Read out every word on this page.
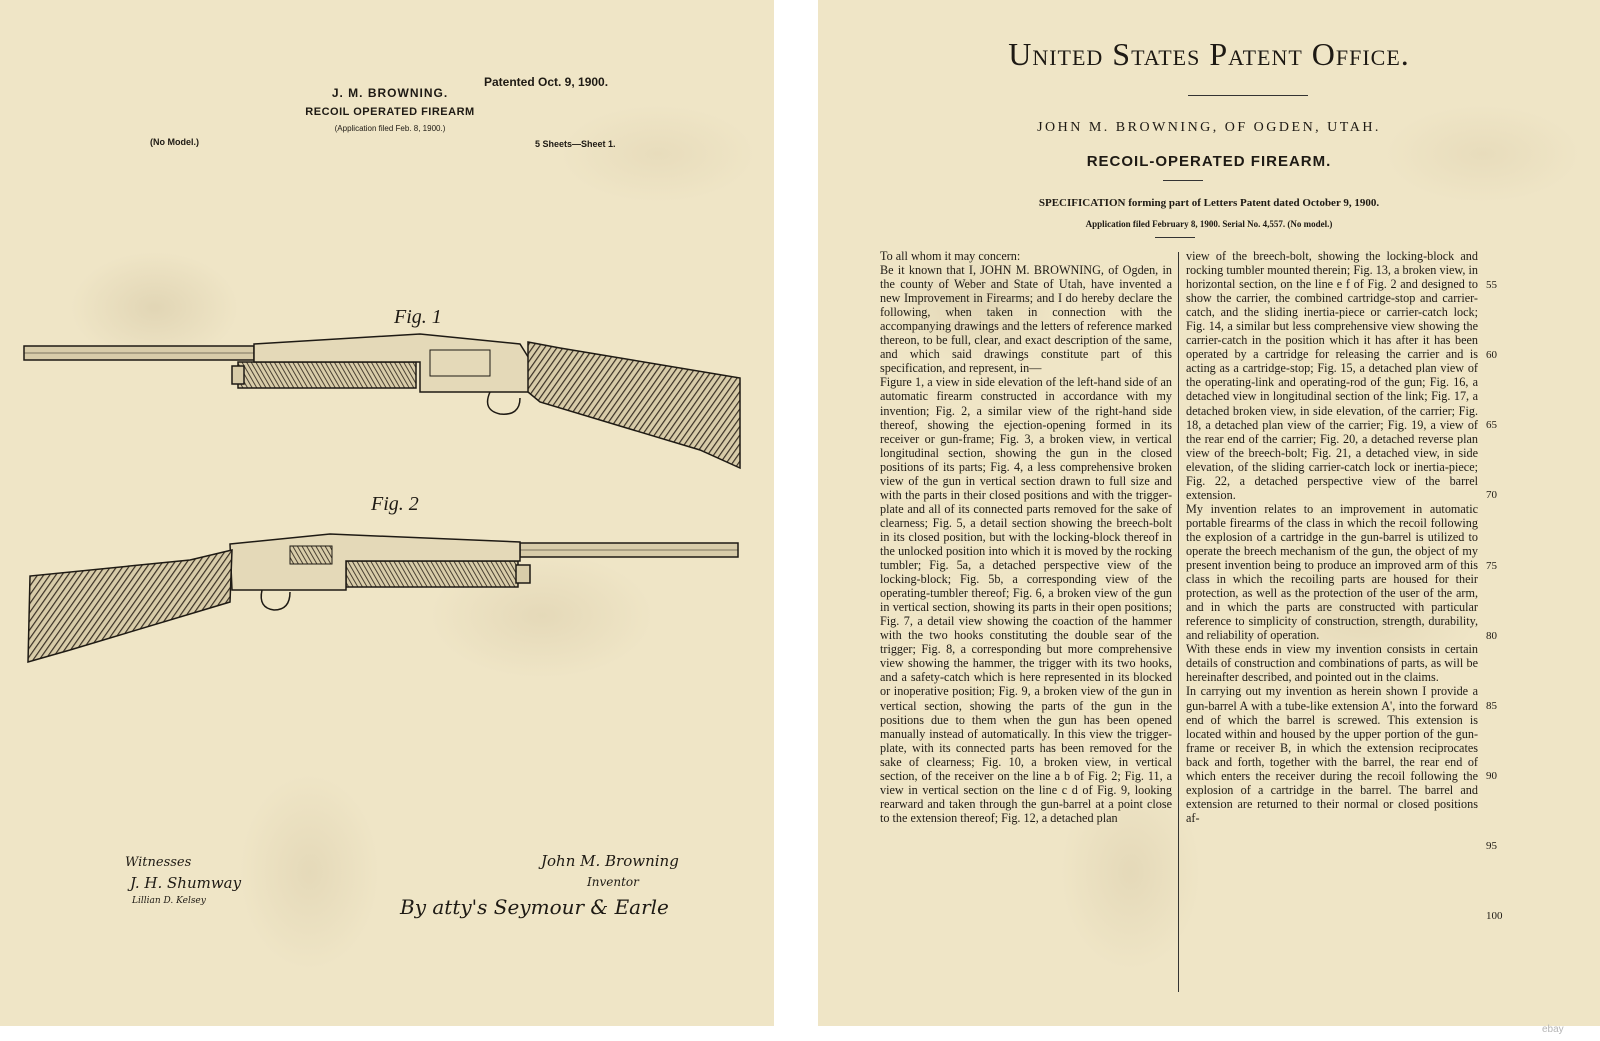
J. M. BROWNING.
RECOIL OPERATED FIREARM
(Application filed Feb. 8, 1900.)
Patented Oct. 9, 1900.
(No Model.)	5 Sheets—Sheet 1.
Fig. 1
Fig. 2
Witnesses
J. H. Shumway
Lillian D. Kelsey
John M. Browning
Inventor
By atty's Seymour & Earle
United States Patent Office.
JOHN M. BROWNING, OF OGDEN, UTAH.
RECOIL-OPERATED FIREARM.
SPECIFICATION forming part of Letters Patent dated October 9, 1900.
Application filed February 8, 1900. Serial No. 4,557. (No model.)
To all whom it may concern:
Be it known that I, JOHN M. BROWNING, of Ogden, in the county of Weber and State of Utah, have invented a new Improvement in Firearms; and I do hereby declare the following, when taken in connection with the accompanying drawings and the letters of reference marked thereon, to be full, clear, and exact description of the same, and which said drawings constitute part of this specification, and represent, in—
Figure 1, a view in side elevation of the left-hand side of an automatic firearm constructed in accordance with my invention; Fig. 2, a similar view of the right-hand side thereof, showing the ejection-opening formed in its receiver or gun-frame; Fig. 3, a broken view, in vertical longitudinal section, showing the gun in the closed positions of its parts; Fig. 4, a less comprehensive broken view of the gun in vertical section drawn to full size and with the parts in their closed positions and with the trigger-plate and all of its connected parts removed for the sake of clearness; Fig. 5, a detail section showing the breech-bolt in its closed position, but with the locking-block thereof in the unlocked position into which it is moved by the rocking tumbler; Fig. 5a, a detached perspective view of the locking-block; Fig. 5b, a corresponding view of the operating-tumbler thereof; Fig. 6, a broken view of the gun in vertical section, showing its parts in their open positions; Fig. 7, a detail view showing the coaction of the hammer with the two hooks constituting the double sear of the trigger; Fig. 8, a corresponding but more comprehensive view showing the hammer, the trigger with its two hooks, and a safety-catch which is here represented in its blocked or inoperative position; Fig. 9, a broken view of the gun in vertical section, showing the parts of the gun in the positions due to them when the gun has been opened manually instead of automatically. In this view the trigger-plate, with its connected parts has been removed for the sake of clearness; Fig. 10, a broken view, in vertical section, of the receiver on the line a b of Fig. 2; Fig. 11, a view in vertical section on the line c d of Fig. 9, looking rearward and taken through the gun-barrel at a point close to the extension thereof; Fig. 12, a detached plan
view of the breech-bolt, showing the locking-block and rocking tumbler mounted therein; Fig. 13, a broken view, in horizontal section, on the line e f of Fig. 2 and designed to show the carrier, the combined cartridge-stop and carrier-catch, and the sliding inertia-piece or carrier-catch lock; Fig. 14, a similar but less comprehensive view showing the carrier-catch in the position which it has after it has been operated by a cartridge for releasing the carrier and is acting as a cartridge-stop; Fig. 15, a detached plan view of the operating-link and operating-rod of the gun; Fig. 16, a detached view in longitudinal section of the link; Fig. 17, a detached broken view, in side elevation, of the carrier; Fig. 18, a detached plan view of the carrier; Fig. 19, a view of the rear end of the carrier; Fig. 20, a detached reverse plan view of the breech-bolt; Fig. 21, a detached view, in side elevation, of the sliding carrier-catch lock or inertia-piece; Fig. 22, a detached perspective view of the barrel extension.
My invention relates to an improvement in automatic portable firearms of the class in which the recoil following the explosion of a cartridge in the gun-barrel is utilized to operate the breech mechanism of the gun, the object of my present invention being to produce an improved arm of this class in which the recoiling parts are housed for their protection, as well as the protection of the user of the arm, and in which the parts are constructed with particular reference to simplicity of construction, strength, durability, and reliability of operation.
With these ends in view my invention consists in certain details of construction and combinations of parts, as will be hereinafter described, and pointed out in the claims.
In carrying out my invention as herein shown I provide a gun-barrel A with a tube-like extension A', into the forward end of which the barrel is screwed. This extension is located within and housed by the upper portion of the gun-frame or receiver B, in which the extension reciprocates back and forth, together with the barrel, the rear end of which enters the receiver during the recoil following the explosion of a cartridge in the barrel. The barrel and extension are returned to their normal or closed positions af-
55
60
65
70
75
80
85
90
95
100
ebay
